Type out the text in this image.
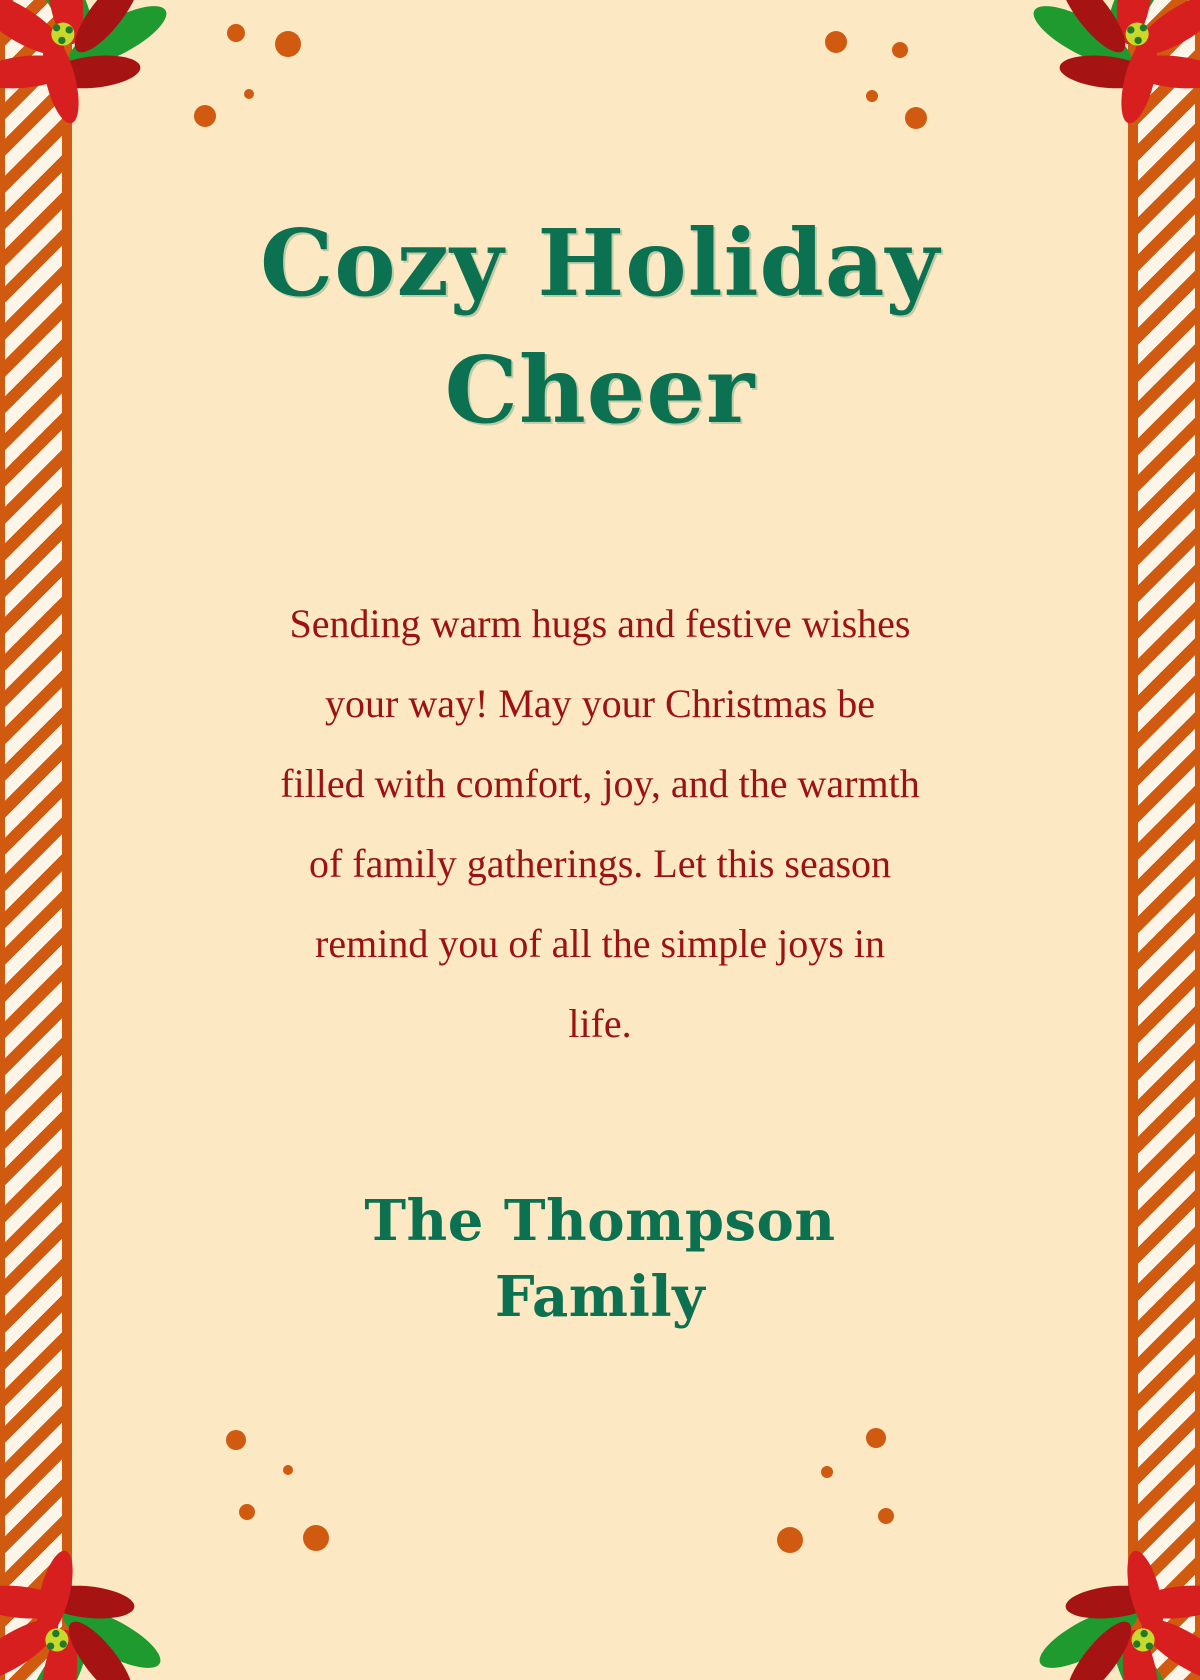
Cozy Holiday Cheer
Sending warm hugs and festive wishes your way! May your Christmas be filled with comfort, joy, and the warmth of family gatherings. Let this season remind you of all the simple joys in life.
The Thompson Family
